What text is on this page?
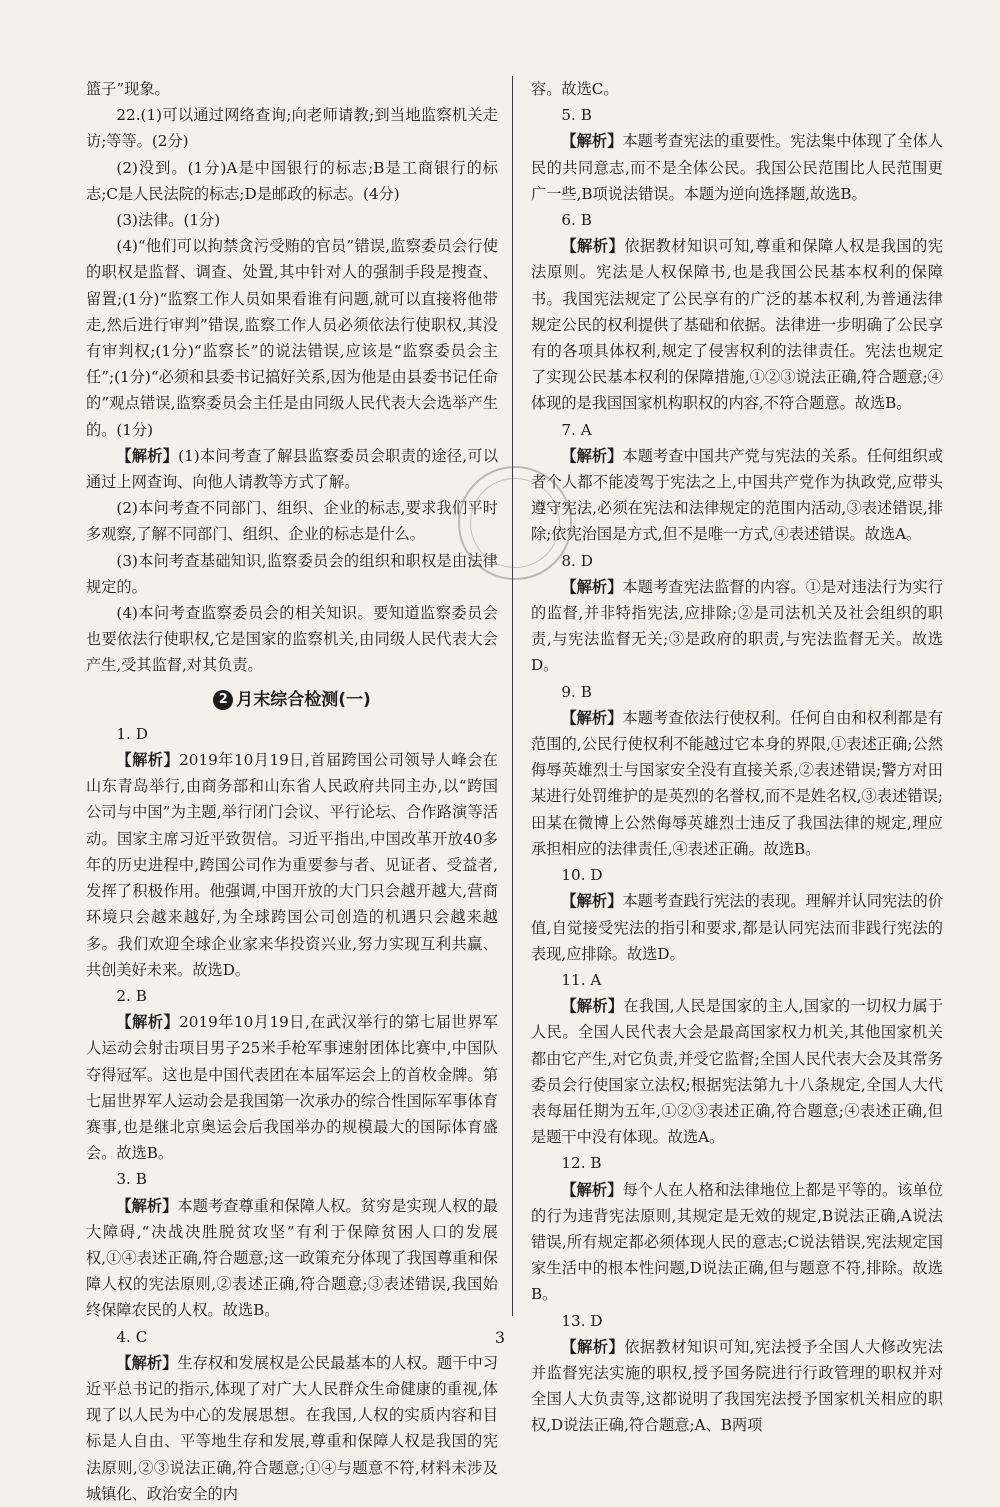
篮子”现象。

22.(1)可以通过网络查询;向老师请教;到当地监察机关走访;等等。(2分)

(2)没到。(1分)A是中国银行的标志;B是工商银行的标志;C是人民法院的标志;D是邮政的标志。(4分)

(3)法律。(1分)

(4)“他们可以拘禁贪污受贿的官员”错误,监察委员会行使的职权是监督、调查、处置,其中针对人的强制手段是搜查、留置;(1分)“监察工作人员如果看谁有问题,就可以直接将他带走,然后进行审判”错误,监察工作人员必须依法行使职权,其没有审判权;(1分)“监察长”的说法错误,应该是“监察委员会主任”;(1分)“必须和县委书记搞好关系,因为他是由县委书记任命的”观点错误,监察委员会主任是由同级人民代表大会选举产生的。(1分)

【解析】(1)本问考查了解县监察委员会职责的途径,可以通过上网查询、向他人请教等方式了解。

(2)本问考查不同部门、组织、企业的标志,要求我们平时多观察,了解不同部门、组织、企业的标志是什么。

(3)本问考查基础知识,监察委员会的组织和职权是由法律规定的。

(4)本问考查监察委员会的相关知识。要知道监察委员会也要依法行使职权,它是国家的监察机关,由同级人民代表大会产生,受其监督,对其负责。

2 月末综合检测(一)

1. D

【解析】2019年10月19日,首届跨国公司领导人峰会在山东青岛举行,由商务部和山东省人民政府共同主办,以“跨国公司与中国”为主题,举行闭门会议、平行论坛、合作路演等活动。国家主席习近平致贺信。习近平指出,中国改革开放40多年的历史进程中,跨国公司作为重要参与者、见证者、受益者,发挥了积极作用。他强调,中国开放的大门只会越开越大,营商环境只会越来越好,为全球跨国公司创造的机遇只会越来越多。我们欢迎全球企业家来华投资兴业,努力实现互利共赢、共创美好未来。故选D。

2. B

【解析】2019年10月19日,在武汉举行的第七届世界军人运动会射击项目男子25米手枪军事速射团体比赛中,中国队夺得冠军。这也是中国代表团在本届军运会上的首枚金牌。第七届世界军人运动会是我国第一次承办的综合性国际军事体育赛事,也是继北京奥运会后我国举办的规模最大的国际体育盛会。故选B。

3. B

【解析】本题考查尊重和保障人权。贫穷是实现人权的最大障碍,“决战决胜脱贫攻坚”有利于保障贫困人口的发展权,①④表述正确,符合题意;这一政策充分体现了我国尊重和保障人权的宪法原则,②表述正确,符合题意;③表述错误,我国始终保障农民的人权。故选B。

4. C

【解析】生存权和发展权是公民最基本的人权。题干中习近平总书记的指示,体现了对广大人民群众生命健康的重视,体现了以人民为中心的发展思想。在我国,人权的实质内容和目标是人自由、平等地生存和发展,尊重和保障人权是我国的宪法原则,②③说法正确,符合题意;①④与题意不符,材料未涉及城镇化、政治安全的内

容。故选C。

5. B

【解析】本题考查宪法的重要性。宪法集中体现了全体人民的共同意志,而不是全体公民。我国公民范围比人民范围更广一些,B项说法错误。本题为逆向选择题,故选B。

6. B

【解析】依据教材知识可知,尊重和保障人权是我国的宪法原则。宪法是人权保障书,也是我国公民基本权利的保障书。我国宪法规定了公民享有的广泛的基本权利,为普通法律规定公民的权利提供了基础和依据。法律进一步明确了公民享有的各项具体权利,规定了侵害权利的法律责任。宪法也规定了实现公民基本权利的保障措施,①②③说法正确,符合题意;④体现的是我国国家机构职权的内容,不符合题意。故选B。

7. A

【解析】本题考查中国共产党与宪法的关系。任何组织或者个人都不能凌驾于宪法之上,中国共产党作为执政党,应带头遵守宪法,必须在宪法和法律规定的范围内活动,③表述错误,排除;依宪治国是方式,但不是唯一方式,④表述错误。故选A。

8. D

【解析】本题考查宪法监督的内容。①是对违法行为实行的监督,并非特指宪法,应排除;②是司法机关及社会组织的职责,与宪法监督无关;③是政府的职责,与宪法监督无关。故选D。

9. B

【解析】本题考查依法行使权利。任何自由和权利都是有范围的,公民行使权利不能越过它本身的界限,①表述正确;公然侮辱英雄烈士与国家安全没有直接关系,②表述错误;警方对田某进行处罚维护的是英烈的名誉权,而不是姓名权,③表述错误;田某在微博上公然侮辱英雄烈士违反了我国法律的规定,理应承担相应的法律责任,④表述正确。故选B。

10. D

【解析】本题考查践行宪法的表现。理解并认同宪法的价值,自觉接受宪法的指引和要求,都是认同宪法而非践行宪法的表现,应排除。故选D。

11. A

【解析】在我国,人民是国家的主人,国家的一切权力属于人民。全国人民代表大会是最高国家权力机关,其他国家机关都由它产生,对它负责,并受它监督;全国人民代表大会及其常务委员会行使国家立法权;根据宪法第九十八条规定,全国人大代表每届任期为五年,①②③表述正确,符合题意;④表述正确,但是题干中没有体现。故选A。

12. B

【解析】每个人在人格和法律地位上都是平等的。该单位的行为违背宪法原则,其规定是无效的规定,B说法正确,A说法错误,所有规定都必须体现人民的意志;C说法错误,宪法规定国家生活中的根本性问题,D说法正确,但与题意不符,排除。故选B。

13. D

【解析】依据教材知识可知,宪法授予全国人大修改宪法并监督宪法实施的职权,授予国务院进行行政管理的职权并对全国人大负责等,这都说明了我国宪法授予国家机关相应的职权,D说法正确,符合题意;A、B两项

3
